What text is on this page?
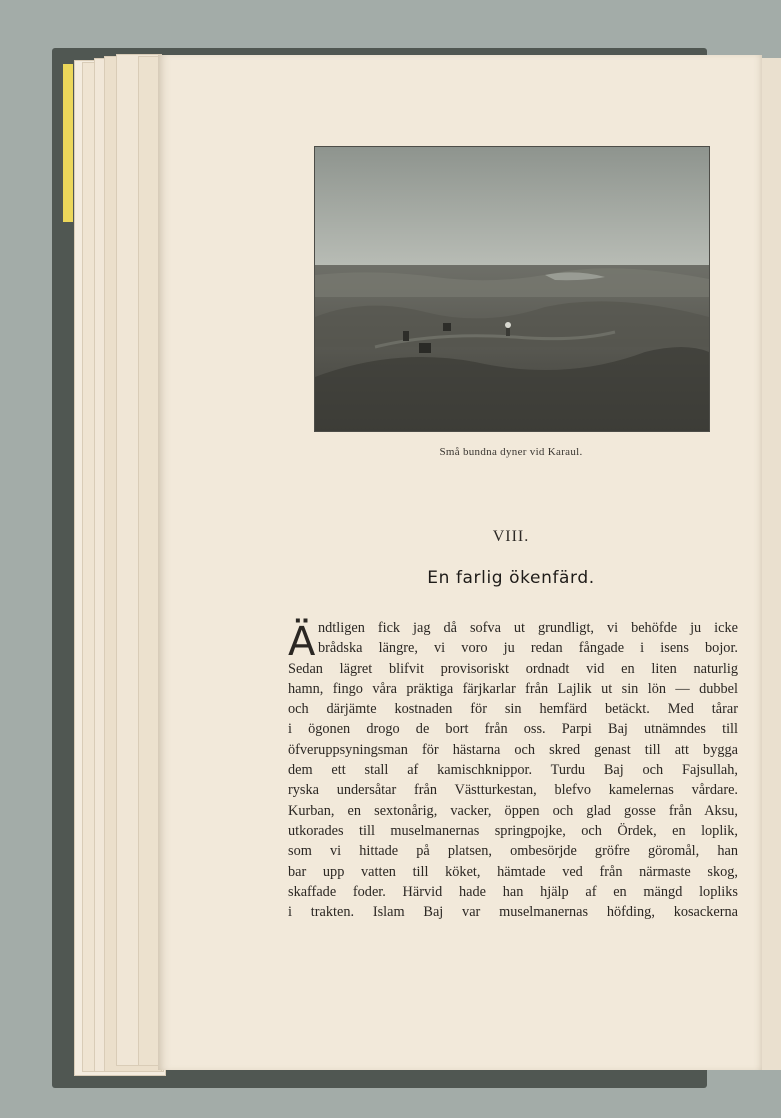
Små bundna dyner vid Karaul.
VIII.
En farlig ökenfärd.
Ä ndtligen fick jag då sofva ut grundligt, vi behöfde ju icke
brådska längre, vi voro ju redan fångade i isens bojor.
Sedan lägret blifvit provisoriskt ordnadt vid en liten naturlig
hamn, fingo våra präktiga färjkarlar från Lajlik ut sin lön — dubbel
och därjämte kostnaden för sin hemfärd betäckt. Med tårar
i ögonen drogo de bort från oss. Parpi Baj utnämndes till
öfveruppsyningsman för hästarna och skred genast till att bygga
dem ett stall af kamischknippor. Turdu Baj och Fajsullah,
ryska undersåtar från Västturkestan, blefvo kamelernas vårdare.
Kurban, en sextonårig, vacker, öppen och glad gosse från Aksu,
utkorades till muselmanernas springpojke, och Ördek, en loplik,
som vi hittade på platsen, ombesörjde gröfre göromål, han
bar upp vatten till köket, hämtade ved från närmaste skog,
skaffade foder. Härvid hade han hjälp af en mängd lopliks
i trakten. Islam Baj var muselmanernas höfding, kosackerna
